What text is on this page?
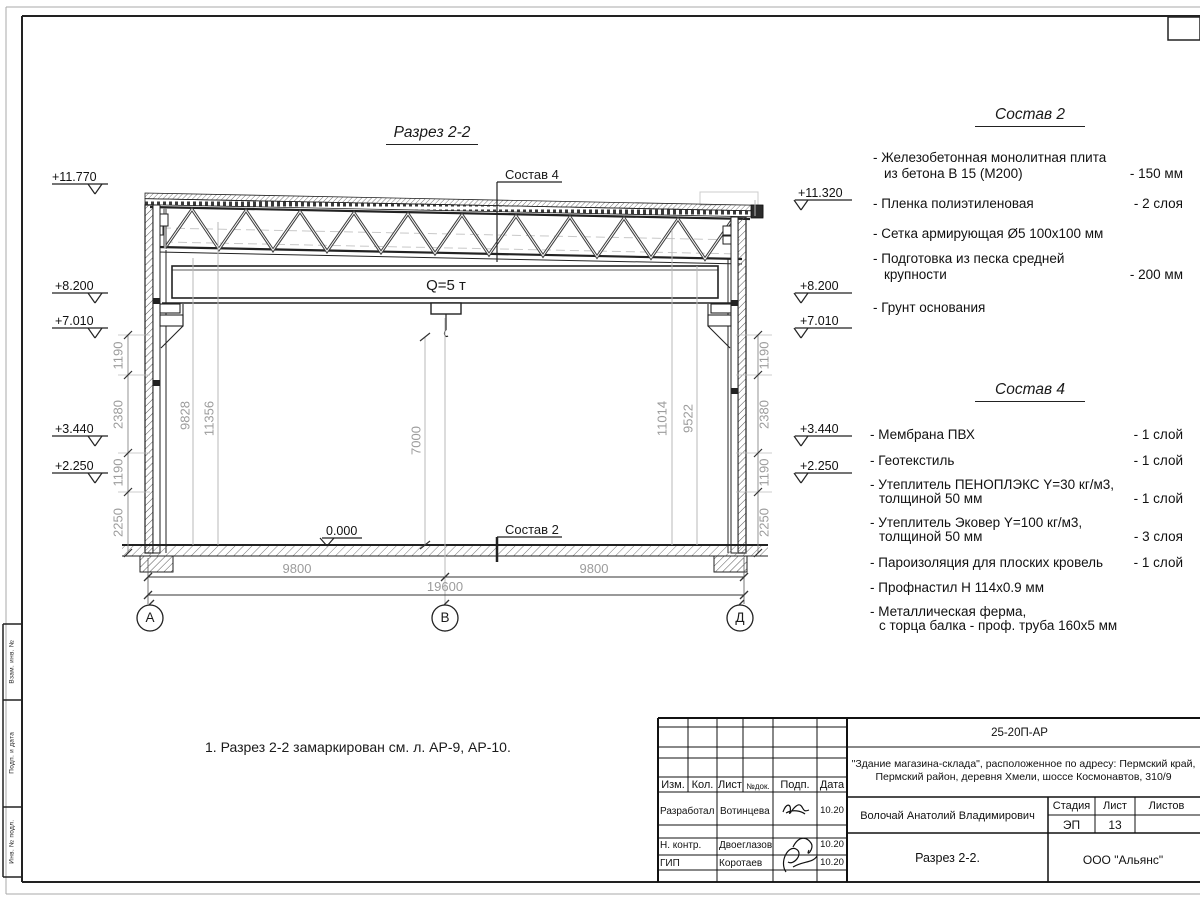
Разрез 2-2
1. Разрез 2-2 замаркирован см. л. АР-9, АР-10.
Q=5 т
Состав 4
Состав 2
0.000
+11.770
+8.200
+7.010
+3.440
+2.250
+11.320
+8.200
+7.010
+3.440
+2.250
1190
2380
1190
2250
1190
2380
1190
2250
9828 11356
7000
11014 9522
9800	9800
19600
А	В	Д
Состав 2
- Железобетонная монолитная плита
из бетона В 15 (М200)	- 150 мм
- Пленка полиэтиленовая	- 2 слоя
- Сетка армирующая Ø5 100x100 мм
- Подготовка из песка средней
крупности	- 200 мм
- Грунт основания
Состав 4
- Мембрана ПВХ	- 1 слой
- Геотекстиль	- 1 слой
- Утеплитель ПЕНОПЛЭКС Y=30 кг/м3,
толщиной 50 мм	- 1 слой
- Утеплитель Эковер Y=100 кг/м3,
толщиной 50 мм	- 3 слоя
- Пароизоляция для плоских кровель	- 1 слой
- Профнастил Н 114x0.9 мм
- Металлическая ферма,
с торца балка - проф. труба 160x5 мм
25-20П-АР
"Здание магазина-склада", расположенное по адресу: Пермский край,
Пермский район, деревня Хмели, шоссе Космонавтов, 310/9
Изм. Кол. Лист №док. Подп. Дата
Разработал Вотинцева	10.20
Н. контр. Двоеглазов	10.20
ГИП	Коротаев	10.20
Волочай Анатолий Владимирович
Стадия	Лист	Листов
ЭП	13
Разрез 2-2.	ООО "Альянс"
Взам. инв. №
Подп. и дата
Инв. № подл.
